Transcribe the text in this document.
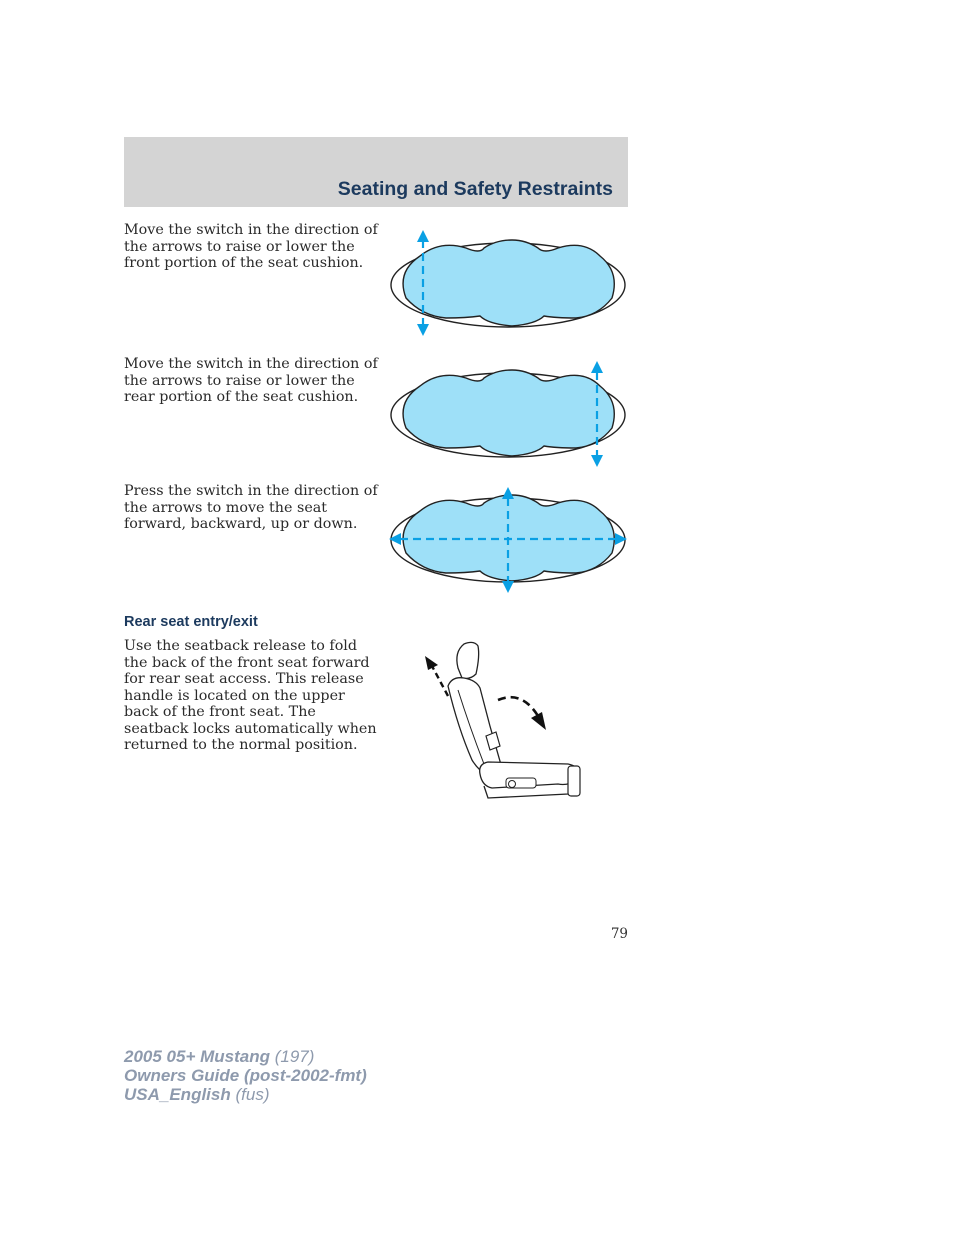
Seating and Safety Restraints

Move the switch in the direction of the arrows to raise or lower the front portion of the seat cushion.

Move the switch in the direction of the arrows to raise or lower the rear portion of the seat cushion.

Press the switch in the direction of the arrows to move the seat forward, backward, up or down.

Rear seat entry/exit

Use the seatback release to fold the back of the front seat forward for rear seat access. This release handle is located on the upper back of the front seat. The seatback locks automatically when returned to the normal position.

79
2005 05+ Mustang (197)
Owners Guide (post-2002-fmt)
USA_English (fus)
